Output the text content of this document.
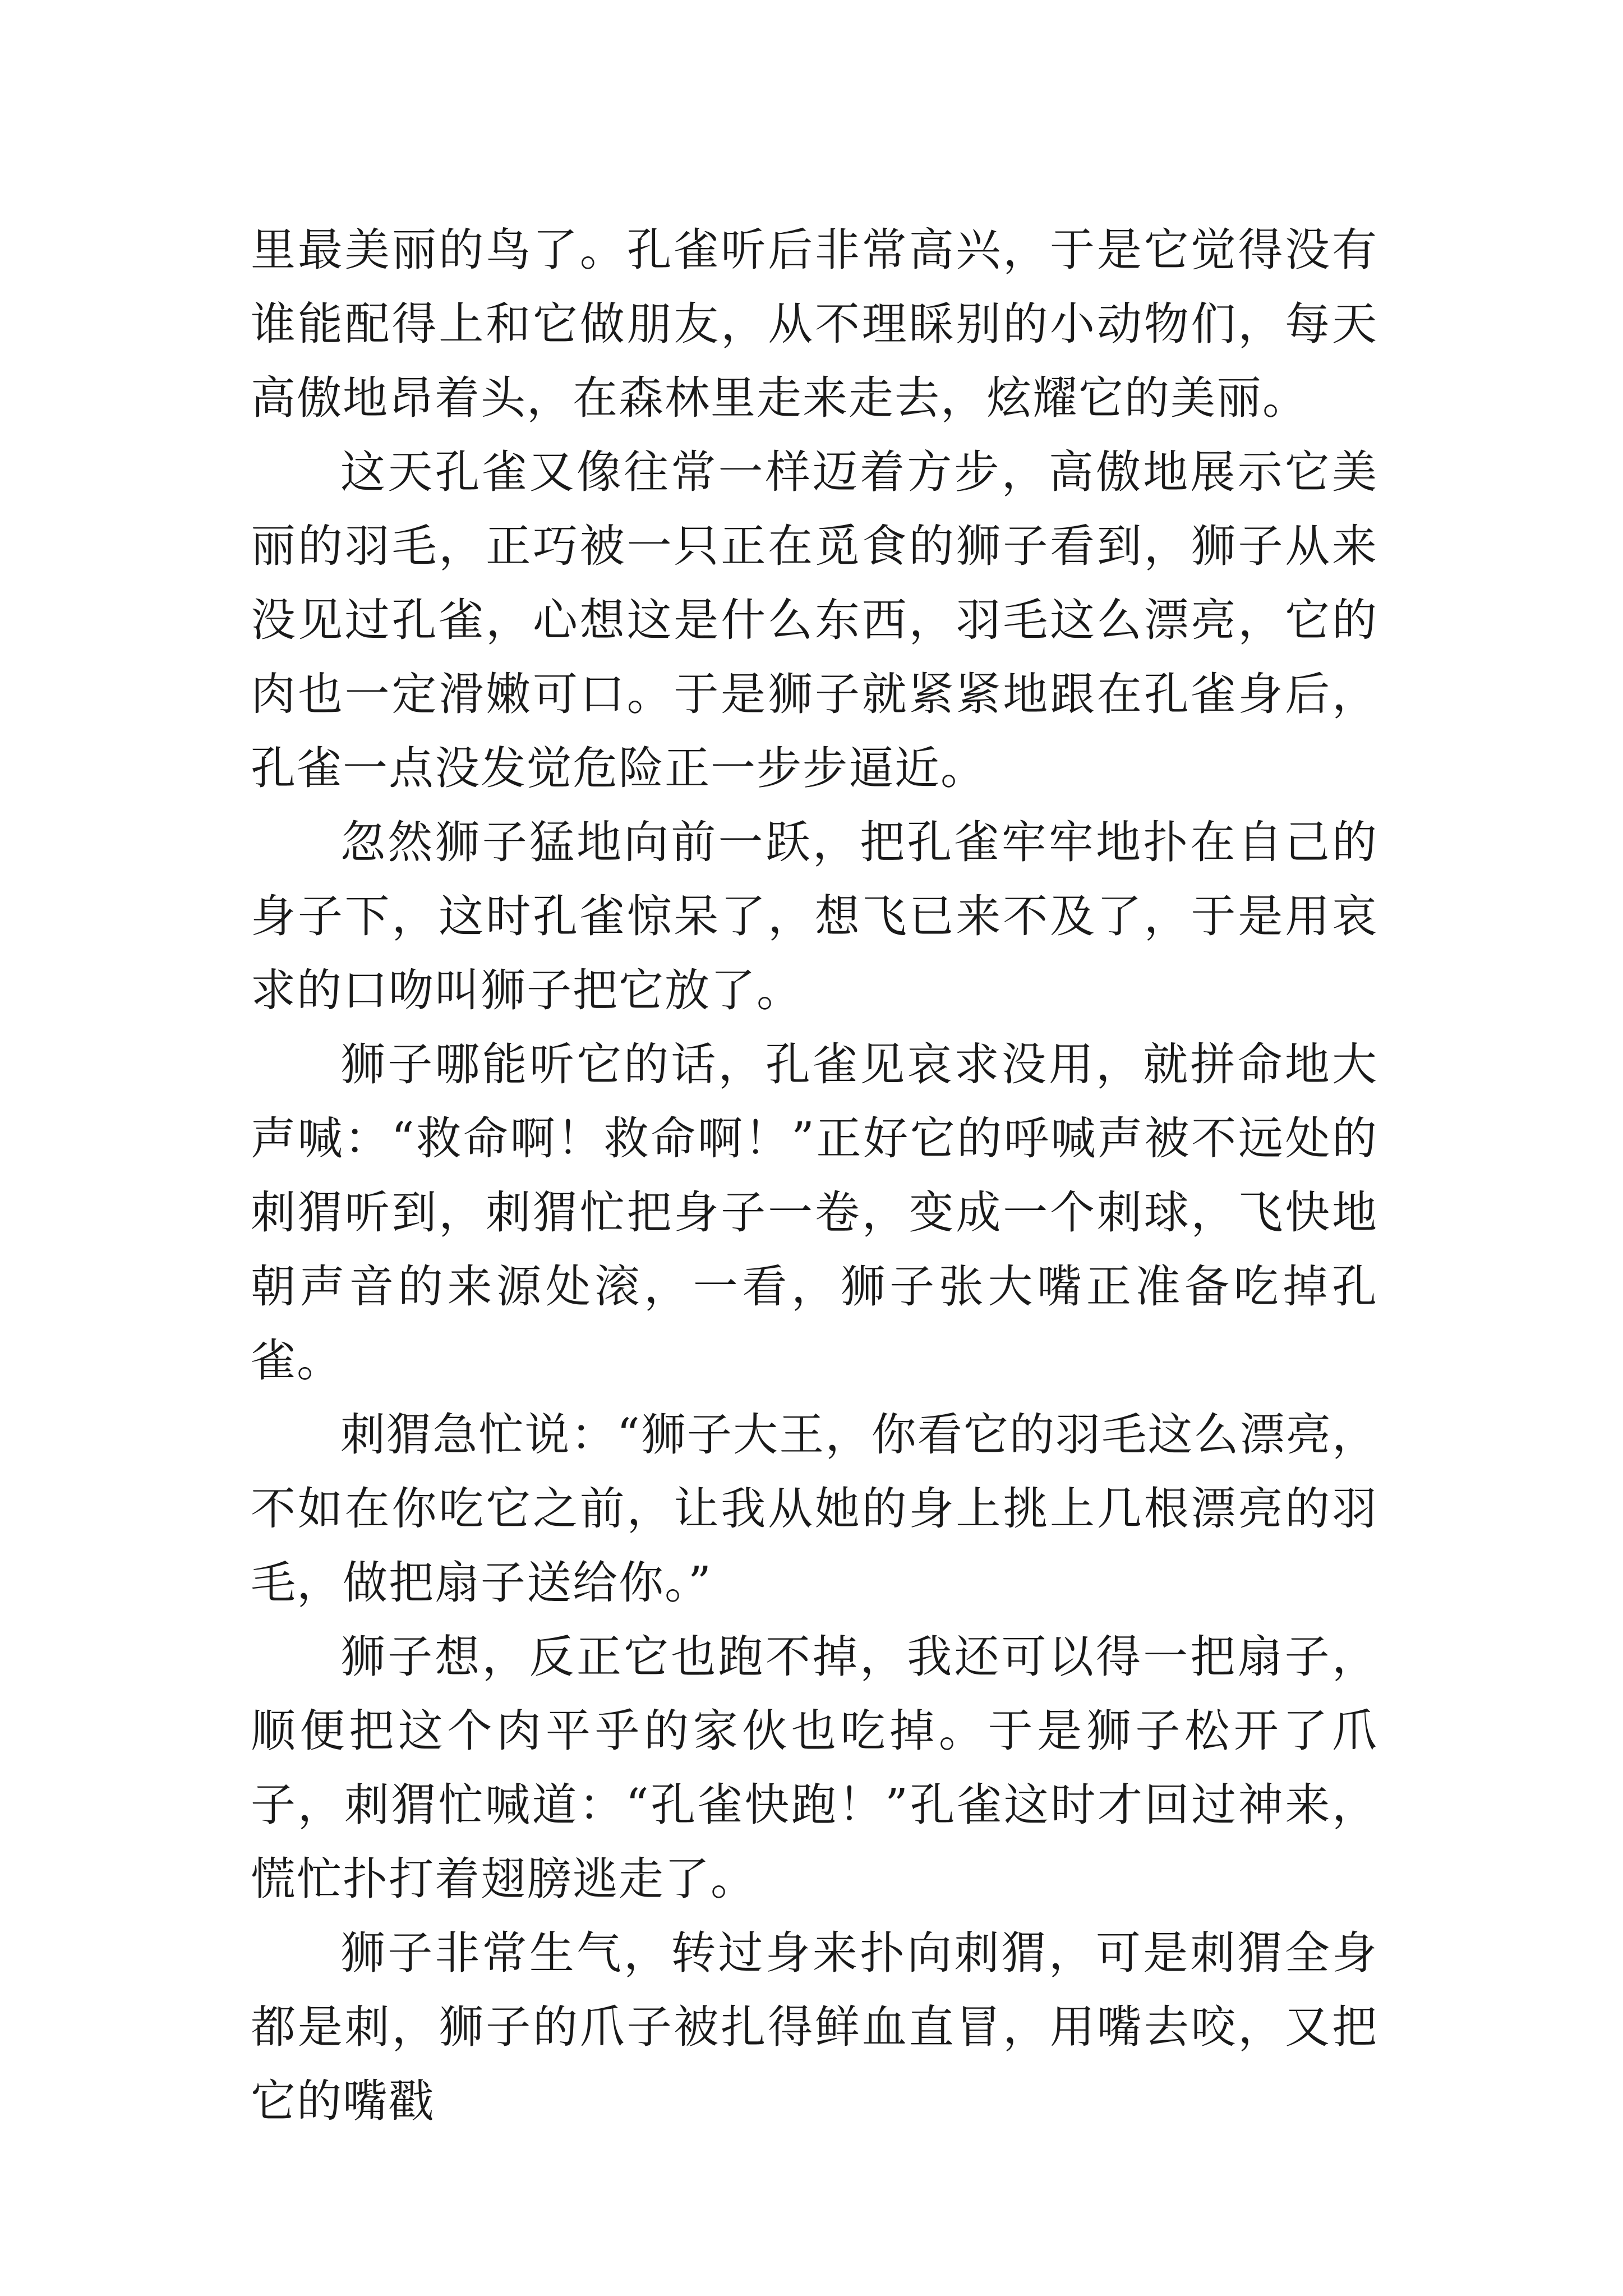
里最美丽的鸟了。孔雀听后非常高兴，于是它觉得没有谁能配得上和它做朋友，从不理睬别的小动物们，每天高傲地昂着头，在森林里走来走去，炫耀它的美丽。

这天孔雀又像往常一样迈着方步，高傲地展示它美丽的羽毛，正巧被一只正在觅食的狮子看到，狮子从来没见过孔雀，心想这是什么东西，羽毛这么漂亮，它的肉也一定滑嫩可口。于是狮子就紧紧地跟在孔雀身后，孔雀一点没发觉危险正一步步逼近。

忽然狮子猛地向前一跃，把孔雀牢牢地扑在自己的身子下，这时孔雀惊呆了，想飞已来不及了，于是用哀求的口吻叫狮子把它放了。

狮子哪能听它的话，孔雀见哀求没用，就拼命地大声喊：“救命啊！救命啊！”正好它的呼喊声被不远处的刺猬听到，刺猬忙把身子一卷，变成一个刺球，飞快地朝声音的来源处滚，一看，狮子张大嘴正准备吃掉孔雀。

刺猬急忙说：“狮子大王，你看它的羽毛这么漂亮，不如在你吃它之前，让我从她的身上挑上几根漂亮的羽毛，做把扇子送给你。”

狮子想，反正它也跑不掉，我还可以得一把扇子，顺便把这个肉平乎的家伙也吃掉。于是狮子松开了爪子，刺猬忙喊道：“孔雀快跑！”孔雀这时才回过神来，慌忙扑打着翅膀逃走了。

狮子非常生气，转过身来扑向刺猬，可是刺猬全身都是刺，狮子的爪子被扎得鲜血直冒，用嘴去咬，又把它的嘴戳
